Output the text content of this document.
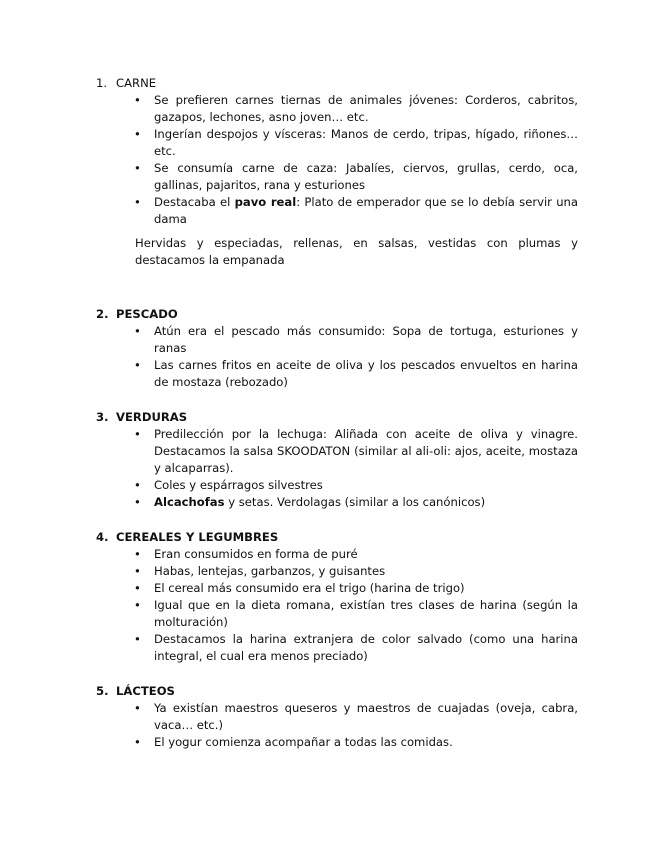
1. CARNE
• Se prefieren carnes tiernas de animales jóvenes: Corderos, cabritos, gazapos, lechones, asno joven… etc.
• Ingerían despojos y vísceras: Manos de cerdo, tripas, hígado, riñones… etc.
• Se consumía carne de caza: Jabalíes, ciervos, grullas, cerdo, oca, gallinas, pajaritos, rana y esturiones
• Destacaba el pavo real: Plato de emperador que se lo debía servir una dama
Hervidas y especiadas, rellenas, en salsas, vestidas con plumas y destacamos la empanada
2. PESCADO
• Atún era el pescado más consumido: Sopa de tortuga, esturiones y ranas
• Las carnes fritos en aceite de oliva y los pescados envueltos en harina de mostaza (rebozado)
3. VERDURAS
• Predilección por la lechuga: Aliñada con aceite de oliva y vinagre. Destacamos la salsa SKOODATON (similar al ali-oli: ajos, aceite, mostaza y alcaparras).
• Coles y espárragos silvestres
• Alcachofas y setas. Verdolagas (similar a los canónicos)
4. CEREALES Y LEGUMBRES
• Eran consumidos en forma de puré
• Habas, lentejas, garbanzos, y guisantes
• El cereal más consumido era el trigo (harina de trigo)
• Igual que en la dieta romana, existían tres clases de harina (según la molturación)
• Destacamos la harina extranjera de color salvado (como una harina integral, el cual era menos preciado)
5. LÁCTEOS
• Ya existían maestros queseros y maestros de cuajadas (oveja, cabra, vaca… etc.)
• El yogur comienza acompañar a todas las comidas.
